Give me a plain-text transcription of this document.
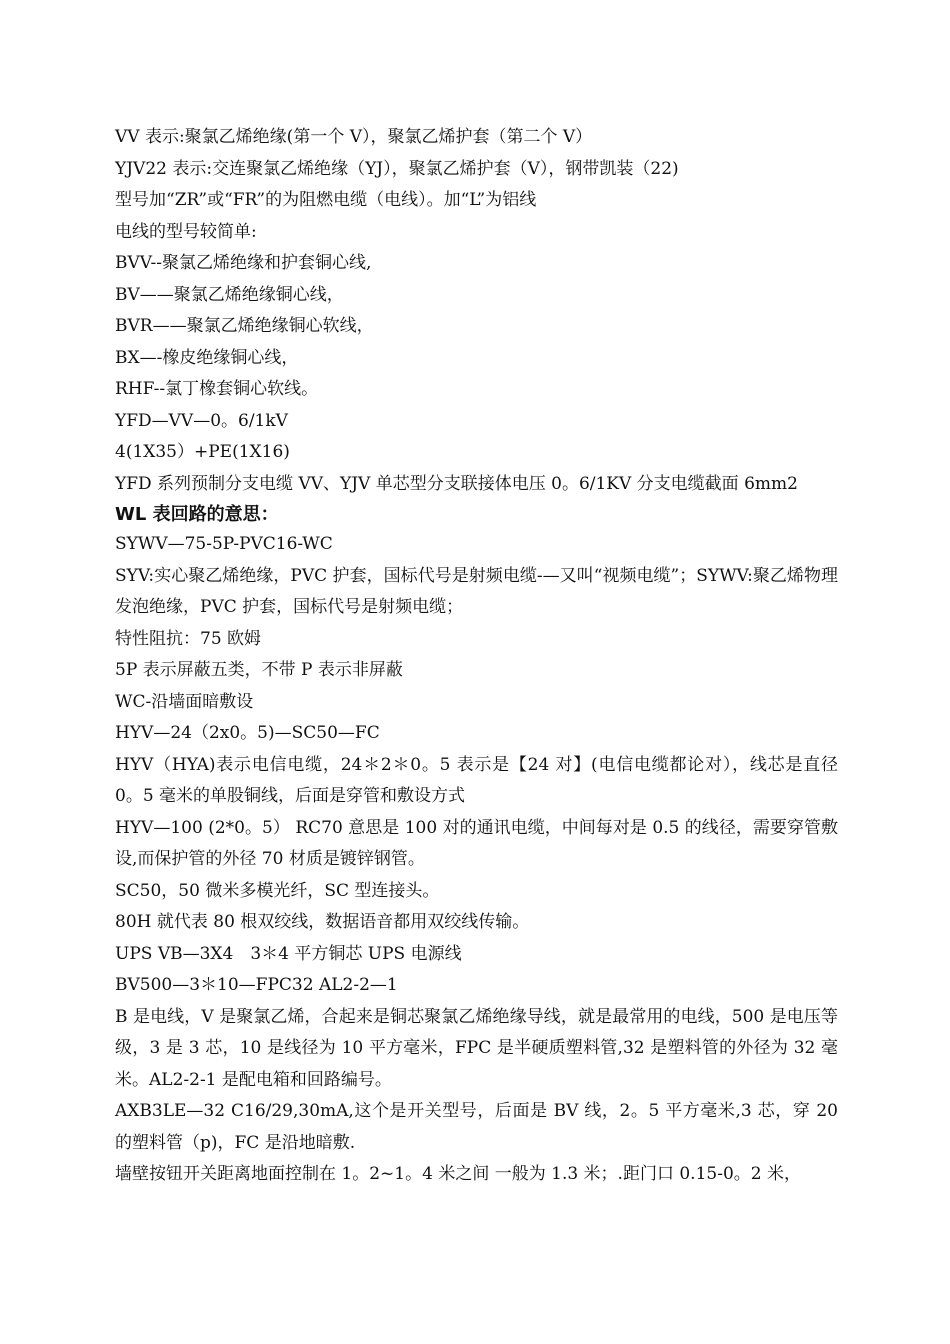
VV 表示:聚氯乙烯绝缘(第一个 V），聚氯乙烯护套（第二个 V）
YJV22 表示:交连聚氯乙烯绝缘（YJ），聚氯乙烯护套（V），钢带凯装（22)
型号加“ZR”或“FR”的为阻燃电缆（电线）。加“L”为铝线
电线的型号较简单:
BVV--聚氯乙烯绝缘和护套铜心线,
BV——聚氯乙烯绝缘铜心线，
BVR——聚氯乙烯绝缘铜心软线，
BX—-橡皮绝缘铜心线，
RHF--氯丁橡套铜心软线。
YFD—VV—0。6/1kV
4(1X35）+PE(1X16)
YFD 系列预制分支电缆 VV、YJV 单芯型分支联接体电压 0。6/1KV 分支电缆截面 6mm2
WL 表回路的意思：
SYWV—75-5P-PVC16-WC
SYV:实心聚乙烯绝缘，PVC 护套，国标代号是射频电缆-—又叫“视频电缆”；SYWV:聚乙烯物理发泡绝缘，PVC 护套，国标代号是射频电缆；
特性阻抗：75 欧姆
5P 表示屏蔽五类，不带 P 表示非屏蔽
WC-沿墙面暗敷设
HYV—24（2x0。5)—SC50—FC
HYV（HYA)表示电信电缆，24＊2＊0。5 表示是【24 对】(电信电缆都论对），线芯是直径 0。5 毫米的单股铜线，后面是穿管和敷设方式
HYV—100 (2*0。5） RC70 意思是 100 对的通讯电缆，中间每对是 0.5 的线径，需要穿管敷设,而保护管的外径 70 材质是镀锌钢管。
SC50，50 微米多模光纤，SC 型连接头。
80H 就代表 80 根双绞线，数据语音都用双绞线传输。
UPS VB—3X4　3＊4 平方铜芯 UPS 电源线
BV500—3＊10—FPC32 AL2-2—1
B 是电线，V 是聚氯乙烯，合起来是铜芯聚氯乙烯绝缘导线，就是最常用的电线，500 是电压等级，3 是 3 芯，10 是线径为 10 平方毫米，FPC 是半硬质塑料管,32 是塑料管的外径为 32 毫米。AL2-2-1 是配电箱和回路编号。
AXB3LE—32 C16/29,30mA,这个是开关型号，后面是 BV 线，2。5 平方毫米,3 芯，穿 20 的塑料管（p)，FC 是沿地暗敷.
墙壁按钮开关距离地面控制在 1。2~1。4 米之间 一般为 1.3 米；.距门口 0.15-0。2 米，
